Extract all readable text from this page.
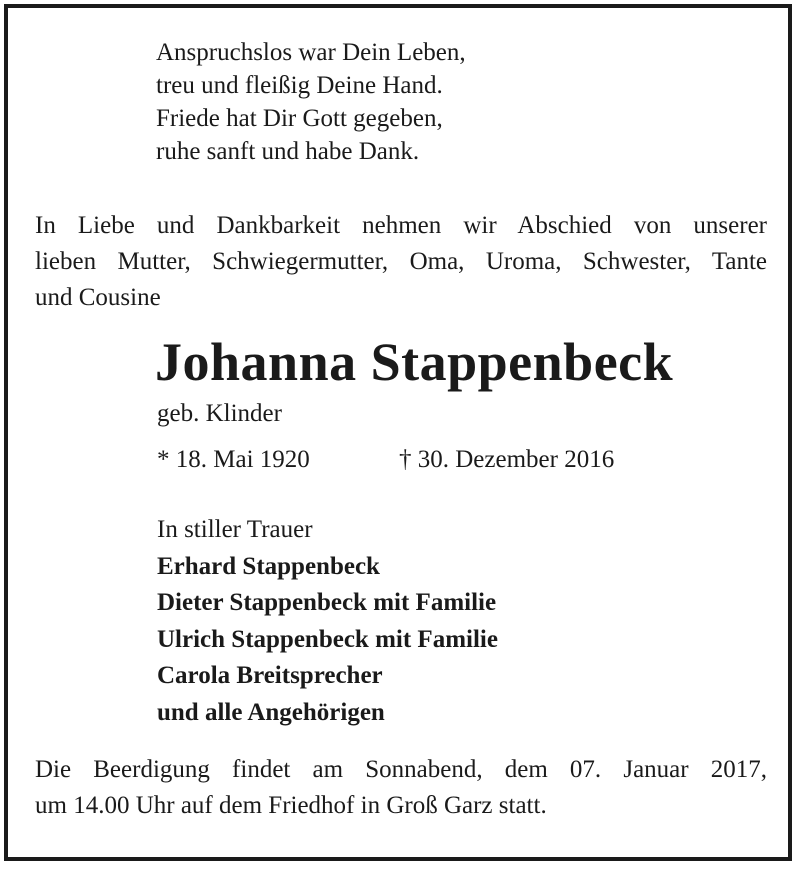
Anspruchslos war Dein Leben,
treu und fleißig Deine Hand.
Friede hat Dir Gott gegeben,
ruhe sanft und habe Dank.
In Liebe und Dankbarkeit nehmen wir Abschied von unserer
lieben Mutter, Schwiegermutter, Oma, Uroma, Schwester, Tante
und Cousine
Johanna Stappenbeck
geb. Klinder
* 18. Mai 1920	† 30. Dezember 2016
In stiller Trauer
Erhard Stappenbeck
Dieter Stappenbeck mit Familie
Ulrich Stappenbeck mit Familie
Carola Breitsprecher
und alle Angehörigen
Die Beerdigung findet am Sonnabend, dem 07. Januar 2017,
um 14.00 Uhr auf dem Friedhof in Groß Garz statt.
